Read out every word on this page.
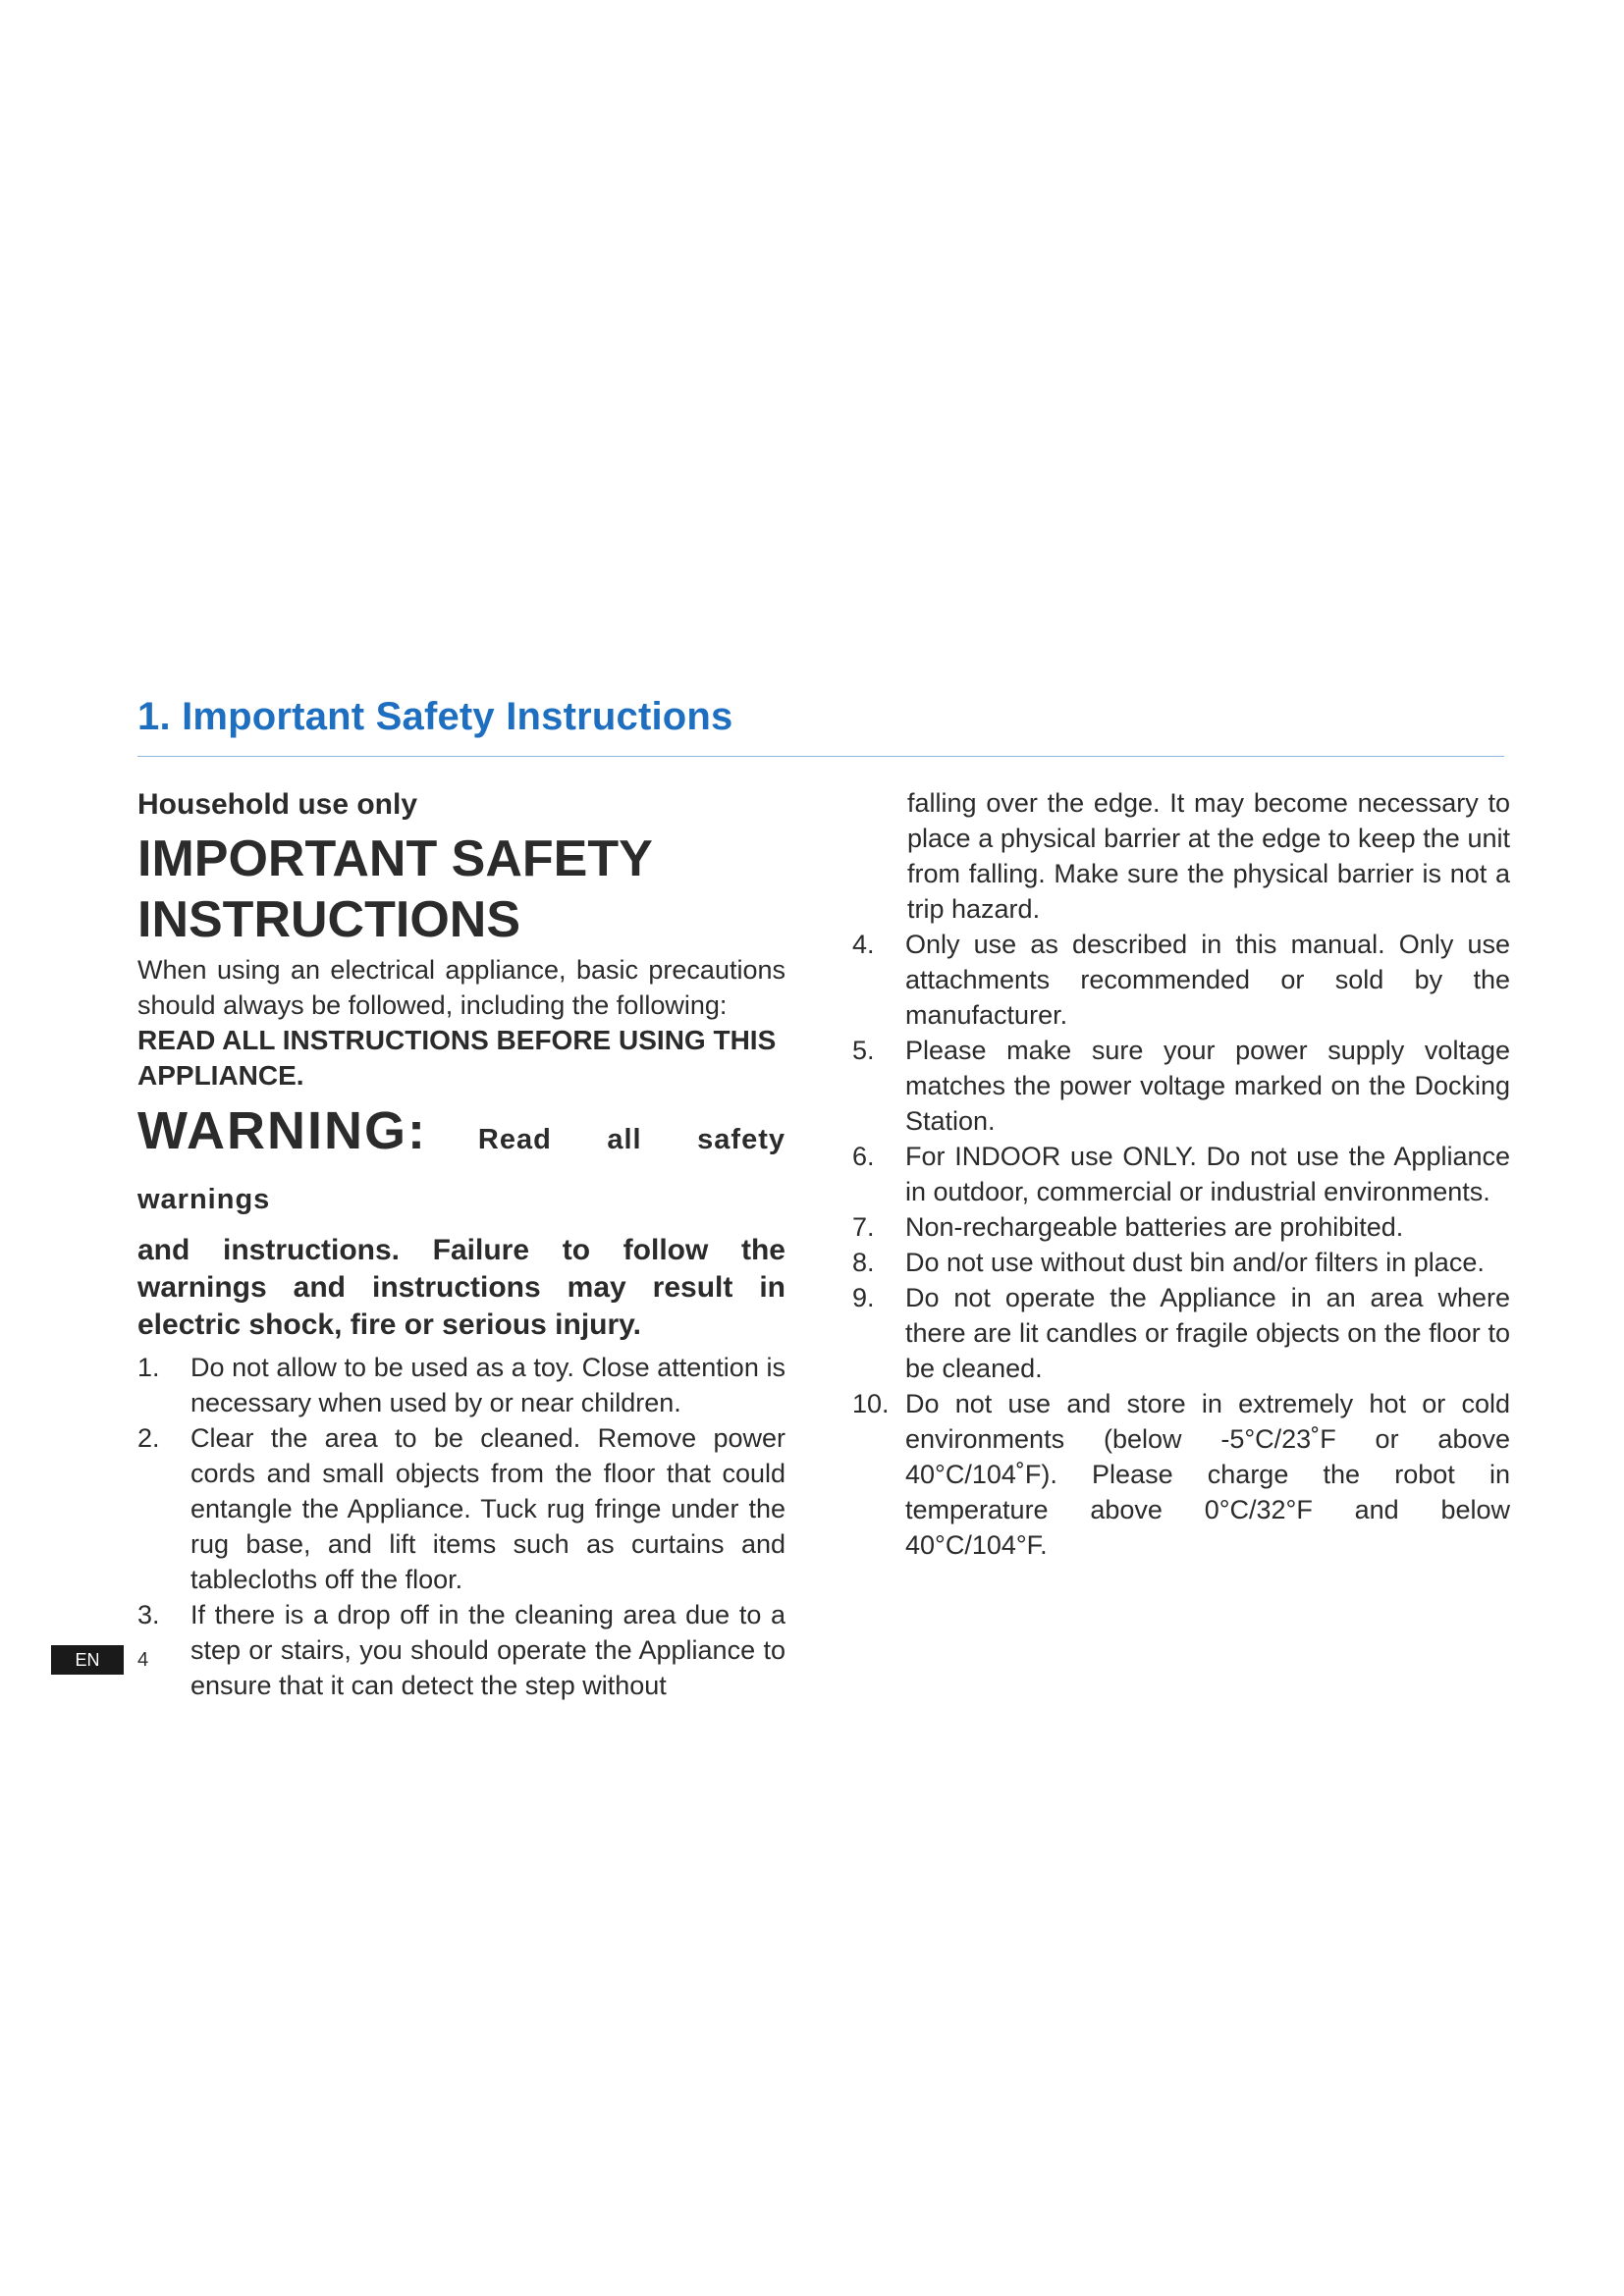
1. Important Safety Instructions

Household use only

IMPORTANT SAFETY
INSTRUCTIONS

When using an electrical appliance, basic precautions should always be followed, including the following:

READ ALL INSTRUCTIONS BEFORE USING THIS APPLIANCE.

WARNING: Read all safety warnings

and instructions. Failure to follow the warnings and instructions may result in electric shock, fire or serious injury.

1. Do not allow to be used as a toy. Close attention is necessary when used by or near children.
2. Clear the area to be cleaned. Remove power cords and small objects from the floor that could entangle the Appliance. Tuck rug fringe under the rug base, and lift items such as curtains and tablecloths off the floor.
3. If there is a drop off in the cleaning area due to a step or stairs, you should operate the Appliance to ensure that it can detect the step without

falling over the edge. It may become necessary to place a physical barrier at the edge to keep the unit from falling. Make sure the physical barrier is not a trip hazard.

4. Only use as described in this manual. Only use attachments recommended or sold by the manufacturer.
5. Please make sure your power supply voltage matches the power voltage marked on the Docking Station.
6. For INDOOR use ONLY. Do not use the Appliance in outdoor, commercial or industrial environments.
7. Non-rechargeable batteries are prohibited.
8. Do not use without dust bin and/or filters in place.
9. Do not operate the Appliance in an area where there are lit candles or fragile objects on the floor to be cleaned.
10. Do not use and store in extremely hot or cold environments (below -5°C/23˚F or above 40°C/104˚F). Please charge the robot in temperature above 0°C/32°F and below 40°C/104°F.
EN	4
